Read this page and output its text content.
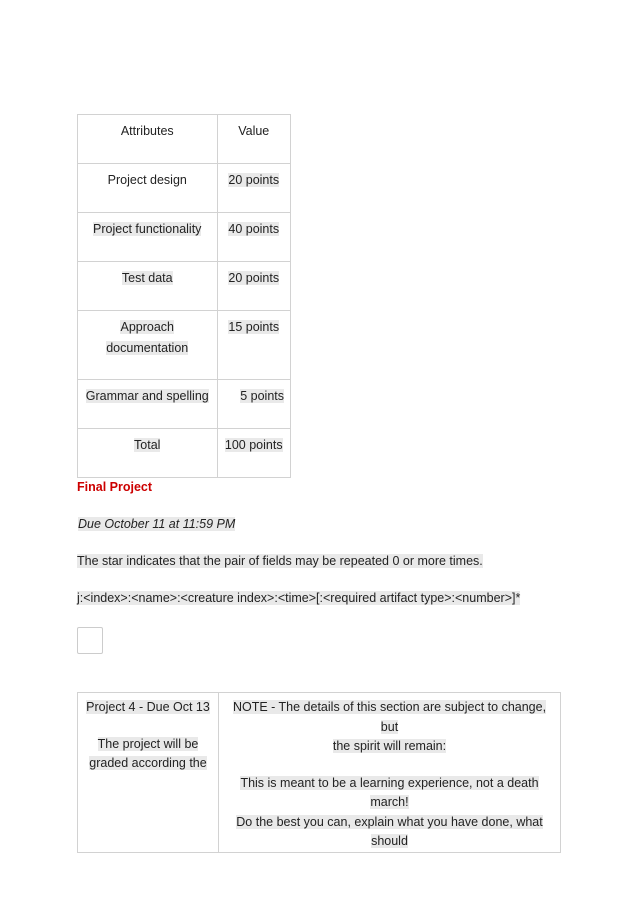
Attributes	Value
Project design	20 points
Project functionality	40 points
Test data	20 points
Approach
documentation	15 points
Grammar and spelling	5 points
Total	100 points
Final Project
Due October 11 at 11:59 PM
The star indicates that the pair of fields may be repeated 0 or more times.
j:<index>:<name>:<creature index>:<time>[:<required artifact type>:<number>]*
Project 4 - Due Oct 13
The project will be
graded according the	NOTE - The details of this section are subject to change, but
the spirit will remain:
This is meant to be a learning experience, not a death march!
Do the best you can, explain what you have done, what should
